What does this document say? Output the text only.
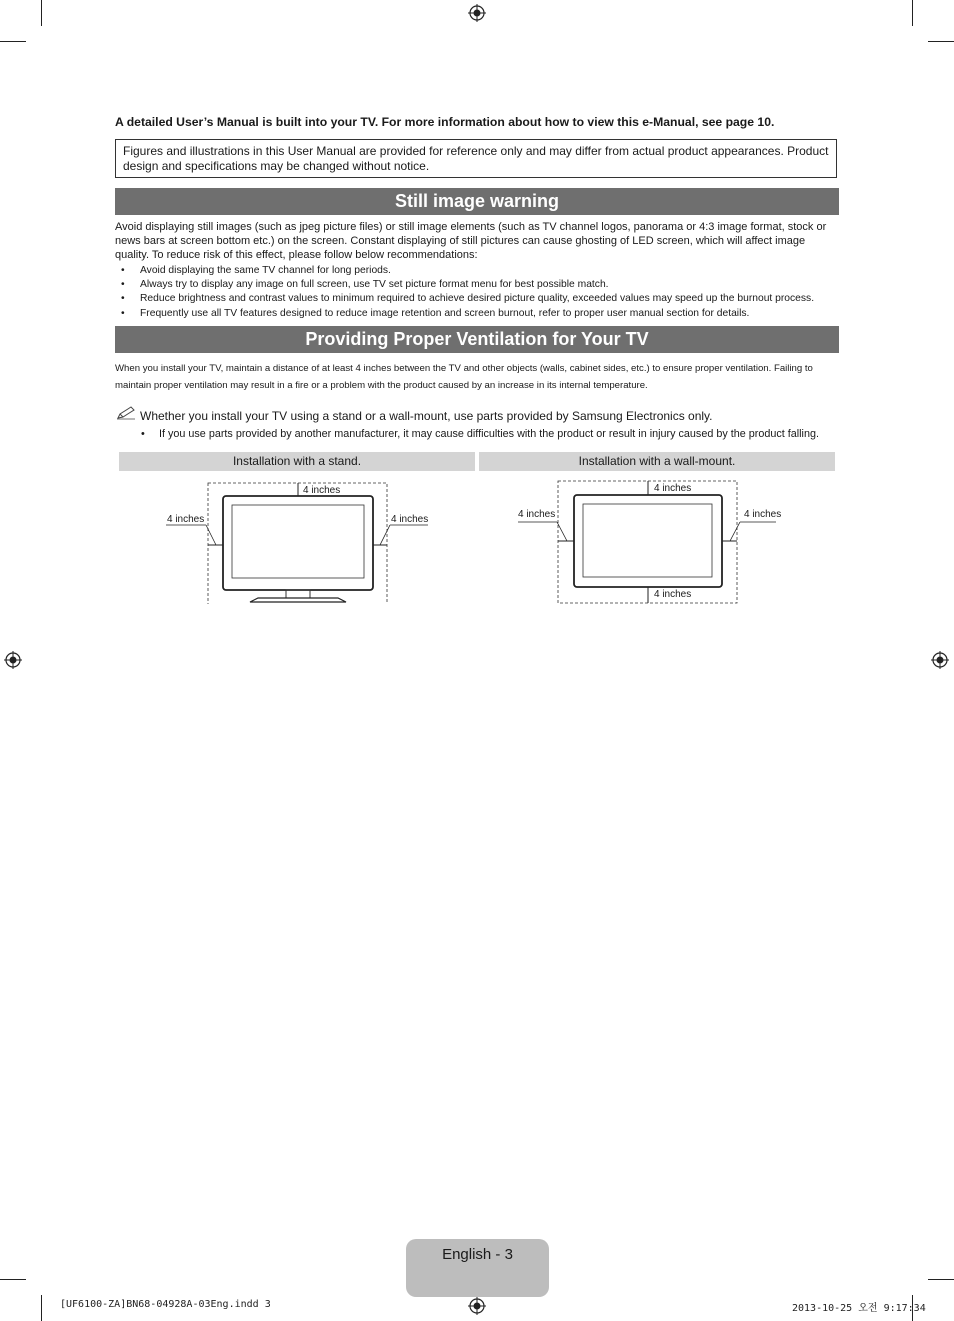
A detailed User’s Manual is built into your TV. For more information about how to view this e-Manual, see page 10.
Figures and illustrations in this User Manual are provided for reference only and may differ from actual product appearances. Product design and specifications may be changed without notice.
Still image warning
Avoid displaying still images (such as jpeg picture files) or still image elements (such as TV channel logos, panorama or 4:3 image format, stock or news bars at screen bottom etc.) on the screen. Constant displaying of still pictures can cause ghosting of LED screen, which will affect image quality. To reduce risk of this effect, please follow below recommendations:
• Avoid displaying the same TV channel for long periods.
• Always try to display any image on full screen, use TV set picture format menu for best possible match.
• Reduce brightness and contrast values to minimum required to achieve desired picture quality, exceeded values may speed up the burnout process.
• Frequently use all TV features designed to reduce image retention and screen burnout, refer to proper user manual section for details.
Providing Proper Ventilation for Your TV
When you install your TV, maintain a distance of at least 4 inches between the TV and other objects (walls, cabinet sides, etc.) to ensure proper ventilation. Failing to maintain proper ventilation may result in a fire or a problem with the product caused by an increase in its internal temperature.
Whether you install your TV using a stand or a wall-mount, use parts provided by Samsung Electronics only.
• If you use parts provided by another manufacturer, it may cause difficulties with the product or result in injury caused by the product falling.
Installation with a stand.	Installation with a wall-mount.
4 inches
4 inches	4 inches
4 inches
4 inches	4 inches
4 inches
English - 3
[UF6100-ZA]BN68-04928A-03Eng.indd 3	2013-10-25 오전 9:17:34
